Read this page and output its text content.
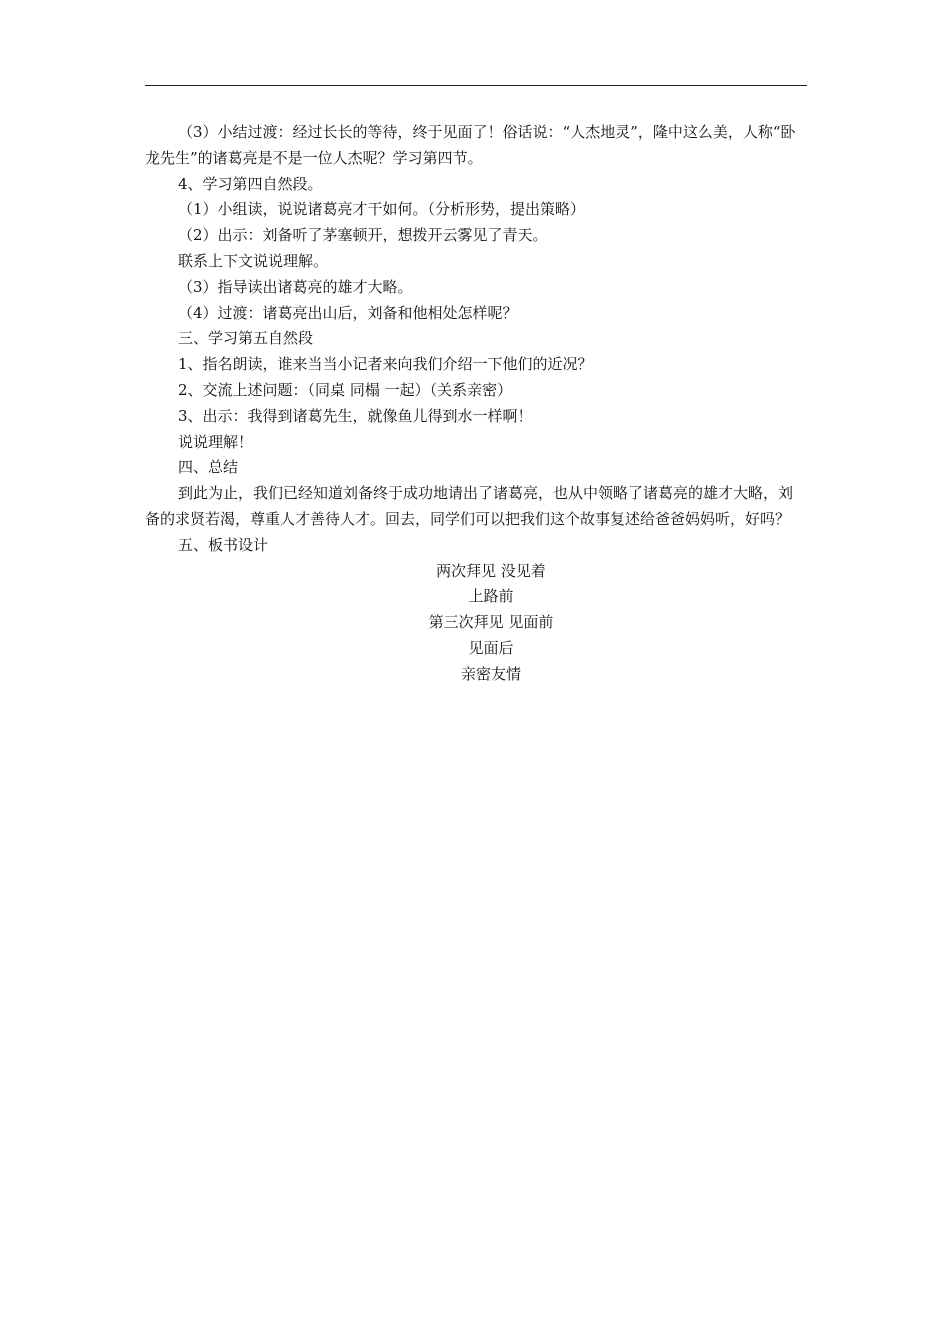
（3）小结过渡：经过长长的等待，终于见面了！俗话说：“人杰地灵”，隆中这么美，人称“卧龙先生”的诸葛亮是不是一位人杰呢？学习第四节。

4、学习第四自然段。

（1）小组读，说说诸葛亮才干如何。（分析形势，提出策略）

（2）出示：刘备听了茅塞顿开，想拨开云雾见了青天。

联系上下文说说理解。

（3）指导读出诸葛亮的雄才大略。

（4）过渡：诸葛亮出山后，刘备和他相处怎样呢？

三、学习第五自然段

1、指名朗读，谁来当当小记者来向我们介绍一下他们的近况？

2、交流上述问题：（同桌 同榻 一起）（关系亲密）

3、出示：我得到诸葛先生，就像鱼儿得到水一样啊！

说说理解！

四、总结

到此为止，我们已经知道刘备终于成功地请出了诸葛亮，也从中领略了诸葛亮的雄才大略，刘备的求贤若渴，尊重人才善待人才。回去，同学们可以把我们这个故事复述给爸爸妈妈听，好吗？

五、板书设计

两次拜见 没见着

上路前

第三次拜见 见面前

见面后

亲密友情
